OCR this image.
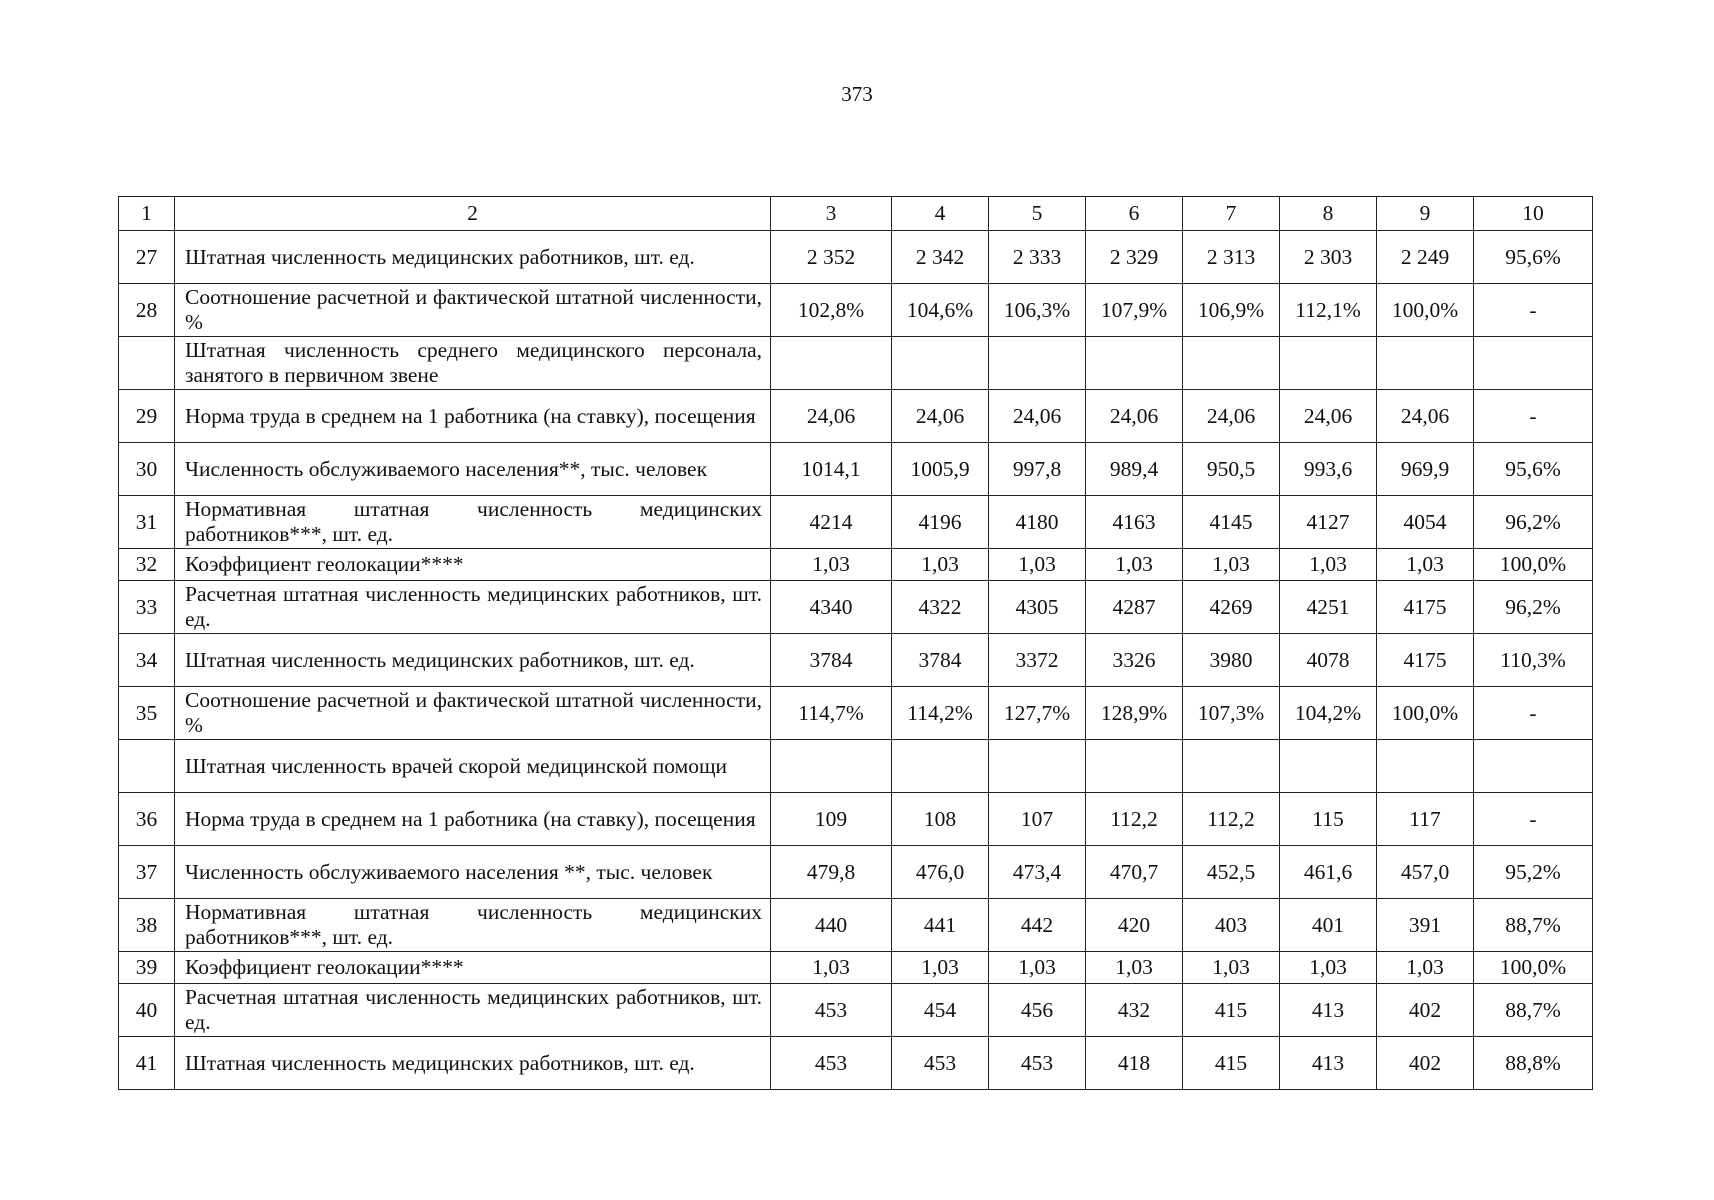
373
1	2	3	4	5	6	7	8	9	10
27	Штатная численность медицинских работников, шт. ед.	2 352	2 342	2 333	2 329	2 313	2 303	2 249	95,6%
28	Соотношение расчетной и фактической штатной численности, %	102,8%	104,6%	106,3%	107,9%	106,9%	112,1%	100,0%	-
	Штатная численность среднего медицинского персонала, занятого в первичном звене								
29	Норма труда в среднем на 1 работника (на ставку), посещения	24,06	24,06	24,06	24,06	24,06	24,06	24,06	-
30	Численность обслуживаемого населения**, тыс. человек	1014,1	1005,9	997,8	989,4	950,5	993,6	969,9	95,6%
31	Нормативная штатная численность медицинских работников***, шт. ед.	4214	4196	4180	4163	4145	4127	4054	96,2%
32	Коэффициент геолокации****	1,03	1,03	1,03	1,03	1,03	1,03	1,03	100,0%
33	Расчетная штатная численность медицинских работников, шт. ед.	4340	4322	4305	4287	4269	4251	4175	96,2%
34	Штатная численность медицинских работников, шт. ед.	3784	3784	3372	3326	3980	4078	4175	110,3%
35	Соотношение расчетной и фактической штатной численности, %	114,7%	114,2%	127,7%	128,9%	107,3%	104,2%	100,0%	-
	Штатная численность врачей скорой медицинской помощи								
36	Норма труда в среднем на 1 работника (на ставку), посещения	109	108	107	112,2	112,2	115	117	-
37	Численность обслуживаемого населения **, тыс. человек	479,8	476,0	473,4	470,7	452,5	461,6	457,0	95,2%
38	Нормативная штатная численность медицинских работников***, шт. ед.	440	441	442	420	403	401	391	88,7%
39	Коэффициент геолокации****	1,03	1,03	1,03	1,03	1,03	1,03	1,03	100,0%
40	Расчетная штатная численность медицинских работников, шт. ед.	453	454	456	432	415	413	402	88,7%
41	Штатная численность медицинских работников, шт. ед.	453	453	453	418	415	413	402	88,8%
